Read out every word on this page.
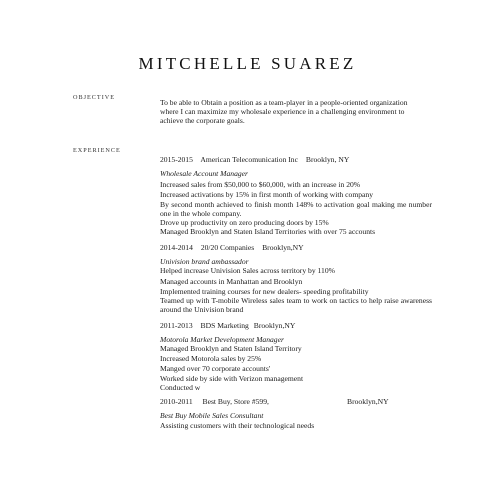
MITCHELLE SUAREZ
OBJECTIVE
To be able to Obtain a position as a team-player in a people-oriented organization where I can maximize my wholesale experience in a challenging environment to achieve the corporate goals.
EXPERIENCE
2015-2015 American Telecomunication Inc Brooklyn, NY
Wholesale Account Manager
Increased sales from $50,000 to $60,000, with an increase in 20%
Increased activations by 15% in first month of working with company
By second month achieved to finish month 148% to activation goal making me number one in the whole company.
Drove up productivity on zero producing doors by 15%
Managed Brooklyn and Staten Island Territories with over 75 accounts
2014-2014 20/20 Companies Brooklyn,NY
Univision brand ambassador
Helped increase Univision Sales across territory by 110%
Managed accounts in Manhattan and Brooklyn
Implemented training courses for new dealers- speeding profitability
Teamed up with T-mobile Wireless sales team to work on tactics to help raise awareness around the Univision brand
2011-2013 BDS Marketing Brooklyn,NY
Motorola Market Development Manager
Managed Brooklyn and Staten Island Territory
Increased Motorola sales by 25%
Manged over 70 corporate accounts'
Worked side by side with Verizon management
Conducted w
2010-2011 Best Buy, Store #599,	Brooklyn,NY
Best Buy Mobile Sales Consultant
Assisting customers with their technological needs
